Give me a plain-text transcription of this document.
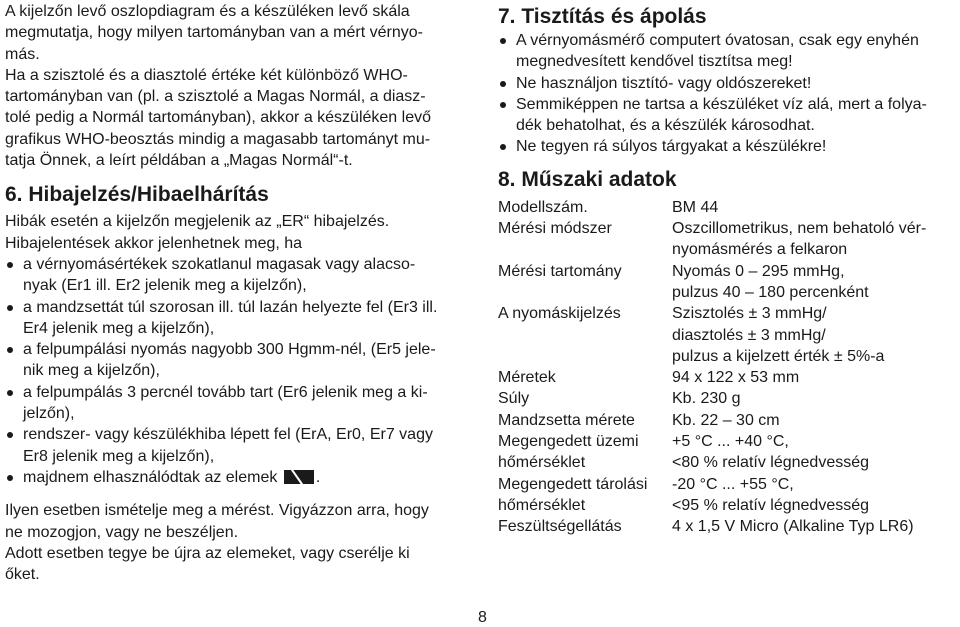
A kijelzőn levő oszlopdiagram és a készüléken levő skála
megmutatja, hogy milyen tartományban van a mért vérnyo-
más.
Ha a szisztolé és a diasztolé értéke két különböző WHO-
tartományban van (pl. a szisztolé a Magas Normál, a diasz-
tolé pedig a Normál tartományban), akkor a készüléken levő
grafikus WHO-beosztás mindig a magasabb tartományt mu-
tatja Önnek, a leírt példában a „Magas Normál“-t.
6. Hibajelzés/Hibaelhárítás
Hibák esetén a kijelzőn megjelenik az „ER“ hibajelzés.
Hibajelentések akkor jelenhetnek meg, ha
a vérnyomásértékek szokatlanul magasak vagy alacso-
nyak (Er1 ill. Er2 jelenik meg a kijelzőn),
a mandzsettát túl szorosan ill. túl lazán helyezte fel (Er3 ill.
Er4 jelenik meg a kijelzőn),
a felpumpálási nyomás nagyobb 300 Hgmm-nél, (Er5 jele-
nik meg a kijelzőn),
a felpumpálás 3 percnél tovább tart (Er6 jelenik meg a ki-
jelzőn),
rendszer- vagy készülékhiba lépett fel (ErA, Er0, Er7 vagy
Er8 jelenik meg a kijelzőn),
majdnem elhasználódtak az elemek .
Ilyen esetben ismételje meg a mérést. Vigyázzon arra, hogy
ne mozogjon, vagy ne beszéljen.
Adott esetben tegye be újra az elemeket, vagy cserélje ki
őket.
7. Tisztítás és ápolás
A vérnyomásmérő computert óvatosan, csak egy enyhén
megnedvesített kendővel tisztítsa meg!
Ne használjon tisztító- vagy oldószereket!
Semmiképpen ne tartsa a készüléket víz alá, mert a folya-
dék behatolhat, és a készülék károsodhat.
Ne tegyen rá súlyos tárgyakat a készülékre!
8. Műszaki adatok
Modellszám.	BM 44
Mérési módszer	Oszcillometrikus, nem behatoló vér-
nyomásmérés a felkaron
Mérési tartomány	Nyomás 0 – 295 mmHg,
pulzus 40 – 180 percenként
A nyomáskijelzés	Szisztolés ± 3 mmHg/
diasztolés ± 3 mmHg/
pulzus a kijelzett érték ± 5%-a
Méretek	94 x 122 x 53 mm
Súly	Kb. 230 g
Mandzsetta mérete	Kb. 22 – 30 cm
Megengedett üzemi	+5 °C ... +40 °C,
hőmérséklet	<80 % relatív légnedvesség
Megengedett tárolási	-20 °C ... +55 °C,
hőmérséklet	<95 % relatív légnedvesség
Feszültségellátás	4 x 1,5 V Micro (Alkaline Typ LR6)
8
